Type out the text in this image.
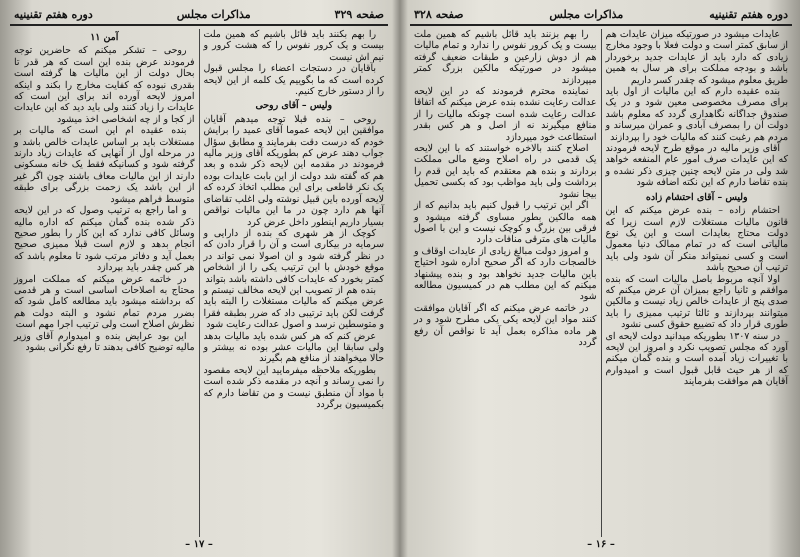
صفحه ۳۲۹
مذاکرات مجلس
دوره هفتم تقنینیه

را بهم بکنند باید قائل باشیم که همین ملت بیست و یک کرور نفوس را که هشت کرور و نیم اش نیست

بآقایان در دستجات اعضاء را مجلس قبول کرده است که ما بگوییم یک کلمه از این لایحه را از دستور خارج کنیم.

ولیس – آقای روحی

روحی – بنده قبلا توجه میدهم آقایان موافقین این لایحه عموما آقای عمید را برایش خودم که درست دقت بفرمایند و مطابق سؤال جواب دهند عرض کم بطوریکه آقای وزیر مالیه فرمودند در مقدمه این لایحه ذکر شده و بعد هم که گفته شد دولت از این بابت عایدات بوده یک نکر قاطعی برای این مطلب اتخاذ کرده که لایحه آورده باین قبیل نوشته ولی اغلب تقاضای آنها هم دارد چون در ما این مالیات نواقص بسیار داریم اینطور داخل عرض کرد

کوچک از هر شهری که بنده از دارایی و سرمایه در بیکاری است و آن را قرار دادن که در نظر گرفته شود و ان اصولا نمی تواند در موقع خودش با این ترتیب یکی را از اشخاص کمتر بخورد که عایدات کافی داشته باشد بتواند

بنده هم از تصویب این لایحه مخالف نیستم و عرض میکنم که مالیات مستغلات را البته باید گرفت لکن باید ترتیبی داد که ضرر بطبقه فقرا و متوسطین نرسد و اصول عدالت رعایت شود

عرض کنم که هر کس شده باید مالیات بدهد ولی سابقا این مالیات عشر بوده نه بیشتر و حالا میخواهند از منافع هم بگیرند

بطوریکه ملاحظه میفرمایید این لایحه مقصود را نمی رساند و آنچه در مقدمه ذکر شده است با مواد آن منطبق نیست و من تقاضا دارم که بکمیسیون برگردد

آمن ۱۱

روحی – تشکر میکنم که حاضرین توجه فرمودند عرض بنده این است که هر قدر تا بحال دولت از این مالیات ها گرفته است بقدری نبوده که کفایت مخارج را بکند و اینکه امروز لایحه آورده اند برای این است که عایدات را زیاد کنند ولی باید دید که این عایدات از کجا و از چه اشخاصی اخذ میشود

بنده عقیده ام این است که مالیات بر مستغلات باید بر اساس عایدات خالص باشد و در مرحله اول از آنهایی که عایدات زیاد دارند گرفته شود و کسانیکه فقط یک خانه مسکونی دارند از این مالیات معاف باشند چون اگر غیر از این باشد یک زحمت بزرگی برای طبقه متوسط فراهم میشود

و اما راجع به ترتیب وصول که در این لایحه ذکر شده بنده گمان میکنم که اداره مالیه وسائل کافی ندارد که این کار را بطور صحیح انجام بدهد و لازم است قبلا ممیزی صحیح بعمل آید و دفاتر مرتب شود تا معلوم باشد که هر کس چقدر باید بپردازد

در خاتمه عرض میکنم که مملکت امروز محتاج به اصلاحات اساسی است و هر قدمی که برداشته میشود باید مطالعه کامل شود که بضرر مردم تمام نشود و البته دولت هم نظرش اصلاح است ولی ترتیب اجرا مهم است

این بود عرایض بنده و امیدوارم آقای وزیر مالیه توضیح کافی بدهند تا رفع نگرانی بشود

– ۱۷ –
دوره هفتم تقنینیه
مذاکرات مجلس
صفحه ۳۲۸

عایدات میشود در صورتیکه میزان عایدات هم از سابق کمتر است و دولت فعلا با وجود مخارج زیادی که دارد باید از عایدات جدید برخوردار باشد و بودجه مملکت برای هر سال به همین طریق معلوم میشود که چقدر کسر داریم

بنده عقیده دارم که این مالیات از اول باید برای مصرف مخصوصی معین شود و در یک صندوق جداگانه نگاهداری گردد که معلوم باشد دولت آن را بمصرف آبادی و عمران میرساند و مردم هم رغبت کنند که مالیات خود را بپردازند

آقای وزیر مالیه در موقع طرح لایحه فرمودند که این عایدات صرف امور عام المنفعه خواهد شد ولی در متن لایحه چنین چیزی ذکر نشده و بنده تقاضا دارم که این نکته اضافه شود

ولیس – آقای احتشام زاده

احتشام زاده – بنده عرض میکنم که این قانون مالیات مستغلات لازم است زیرا که دولت محتاج بعایدات است و این یک نوع مالیاتی است که در تمام ممالک دنیا معمول است و کسی نمیتواند منکر آن شود ولی باید ترتیب آن صحیح باشد

اولا آنچه مربوط باصل مالیات است که بنده موافقم و ثانیا راجع بمیزان آن عرض میکنم که صدی پنج از عایدات خالص زیاد نیست و مالکین میتوانند بپردازند و ثالثا ترتیب ممیزی را باید طوری قرار داد که تضییع حقوق کسی نشود

در سنه ۱۳۰۷ بطوریکه میدانید دولت لایحه ای آورد که مجلس تصویب نکرد و امروز این لایحه با تغییرات زیاد آمده است و بنده گمان میکنم که از هر حیث قابل قبول است و امیدوارم آقایان هم موافقت بفرمایند

را بهم بزنند باید قائل باشیم که همین ملت بیست و یک کرور نفوس را ندارد و تمام مالیات هم از دوش زارعین و طبقات ضعیف گرفته میشود در صورتیکه مالکین بزرگ کمتر میپردازند

نماینده محترم فرمودند که در این لایحه عدالت رعایت نشده بنده عرض میکنم که اتفاقا عدالت رعایت شده است چونکه مالیات را از منافع میگیرند نه از اصل و هر کس بقدر استطاعت خود میپردازد

اصلاح کنند بالاخره خواستند که با این لایحه یک قدمی در راه اصلاح وضع مالی مملکت بردارند و بنده هم معتقدم که باید این قدم را برداشت ولی باید مواظب بود که بکسی تحمیل بیجا نشود

اگر این ترتیب را قبول کنیم باید بدانیم که از همه مالکین بطور مساوی گرفته میشود و فرقی بین بزرگ و کوچک نیست و این با اصول مالیات های مترقی منافات دارد

و امروز دولت مبالغ زیادی از عایدات اوقاف و خالصجات دارد که اگر صحیح اداره شود احتیاج باین مالیات جدید نخواهد بود و بنده پیشنهاد میکنم که این مطلب هم در کمیسیون مطالعه شود

در خاتمه عرض میکنم که اگر آقایان موافقت کنند مواد این لایحه یکی یکی مطرح شود و در هر ماده مذاکره بعمل آید تا نواقص آن رفع گردد

– ۱۶ –
